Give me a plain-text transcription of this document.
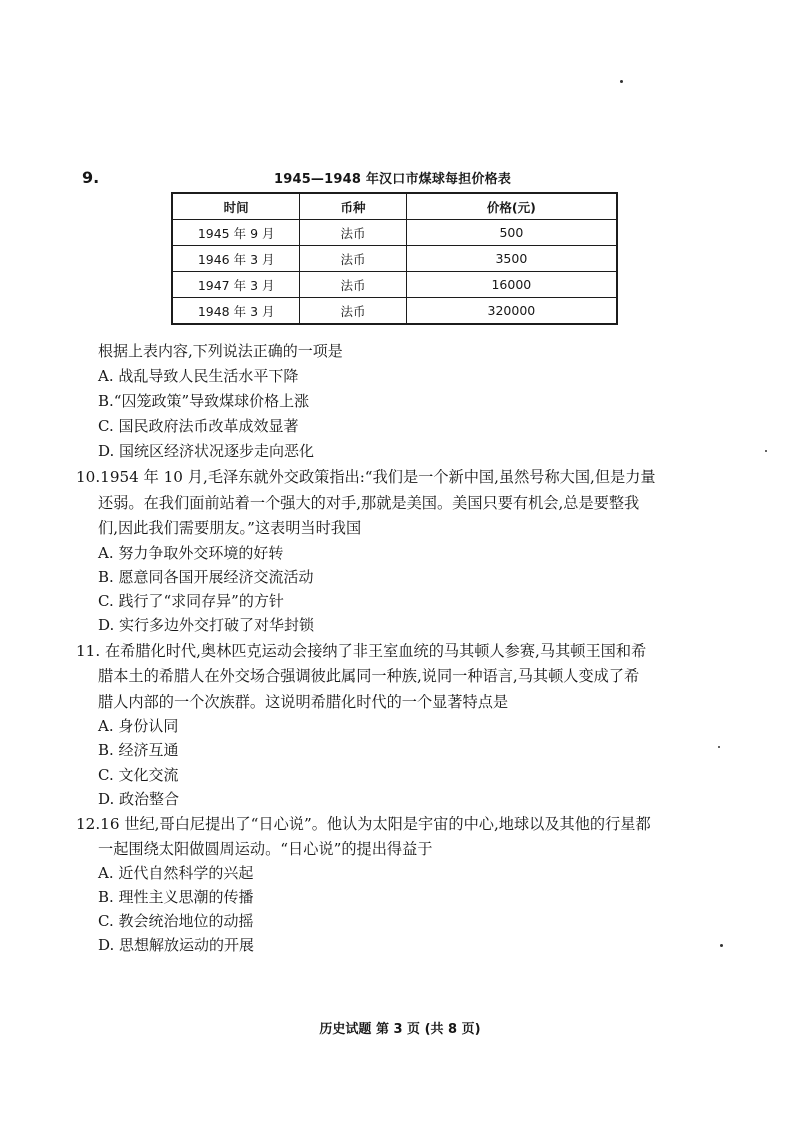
9.	1945—1948 年汉口市煤球每担价格表
时间	币种	价格(元)
1945 年 9 月	法币	500
1946 年 3 月	法币	3500
1947 年 3 月	法币	16000
1948 年 3 月	法币	320000
根据上表内容,下列说法正确的一项是
A. 战乱导致人民生活水平下降
B.“囚笼政策”导致煤球价格上涨
C. 国民政府法币改革成效显著
D. 国统区经济状况逐步走向恶化
10.1954 年 10 月,毛泽东就外交政策指出:“我们是一个新中国,虽然号称大国,但是力量
还弱。在我们面前站着一个强大的对手,那就是美国。美国只要有机会,总是要整我
们,因此我们需要朋友。”这表明当时我国
A. 努力争取外交环境的好转
B. 愿意同各国开展经济交流活动
C. 践行了“求同存异”的方针
D. 实行多边外交打破了对华封锁
11. 在希腊化时代,奥林匹克运动会接纳了非王室血统的马其顿人参赛,马其顿王国和希
腊本土的希腊人在外交场合强调彼此属同一种族,说同一种语言,马其顿人变成了希
腊人内部的一个次族群。这说明希腊化时代的一个显著特点是
A. 身份认同
B. 经济互通
C. 文化交流
D. 政治整合
12.16 世纪,哥白尼提出了“日心说”。他认为太阳是宇宙的中心,地球以及其他的行星都
一起围绕太阳做圆周运动。“日心说”的提出得益于
A. 近代自然科学的兴起
B. 理性主义思潮的传播
C. 教会统治地位的动摇
D. 思想解放运动的开展
历史试题 第 3 页 (共 8 页)
